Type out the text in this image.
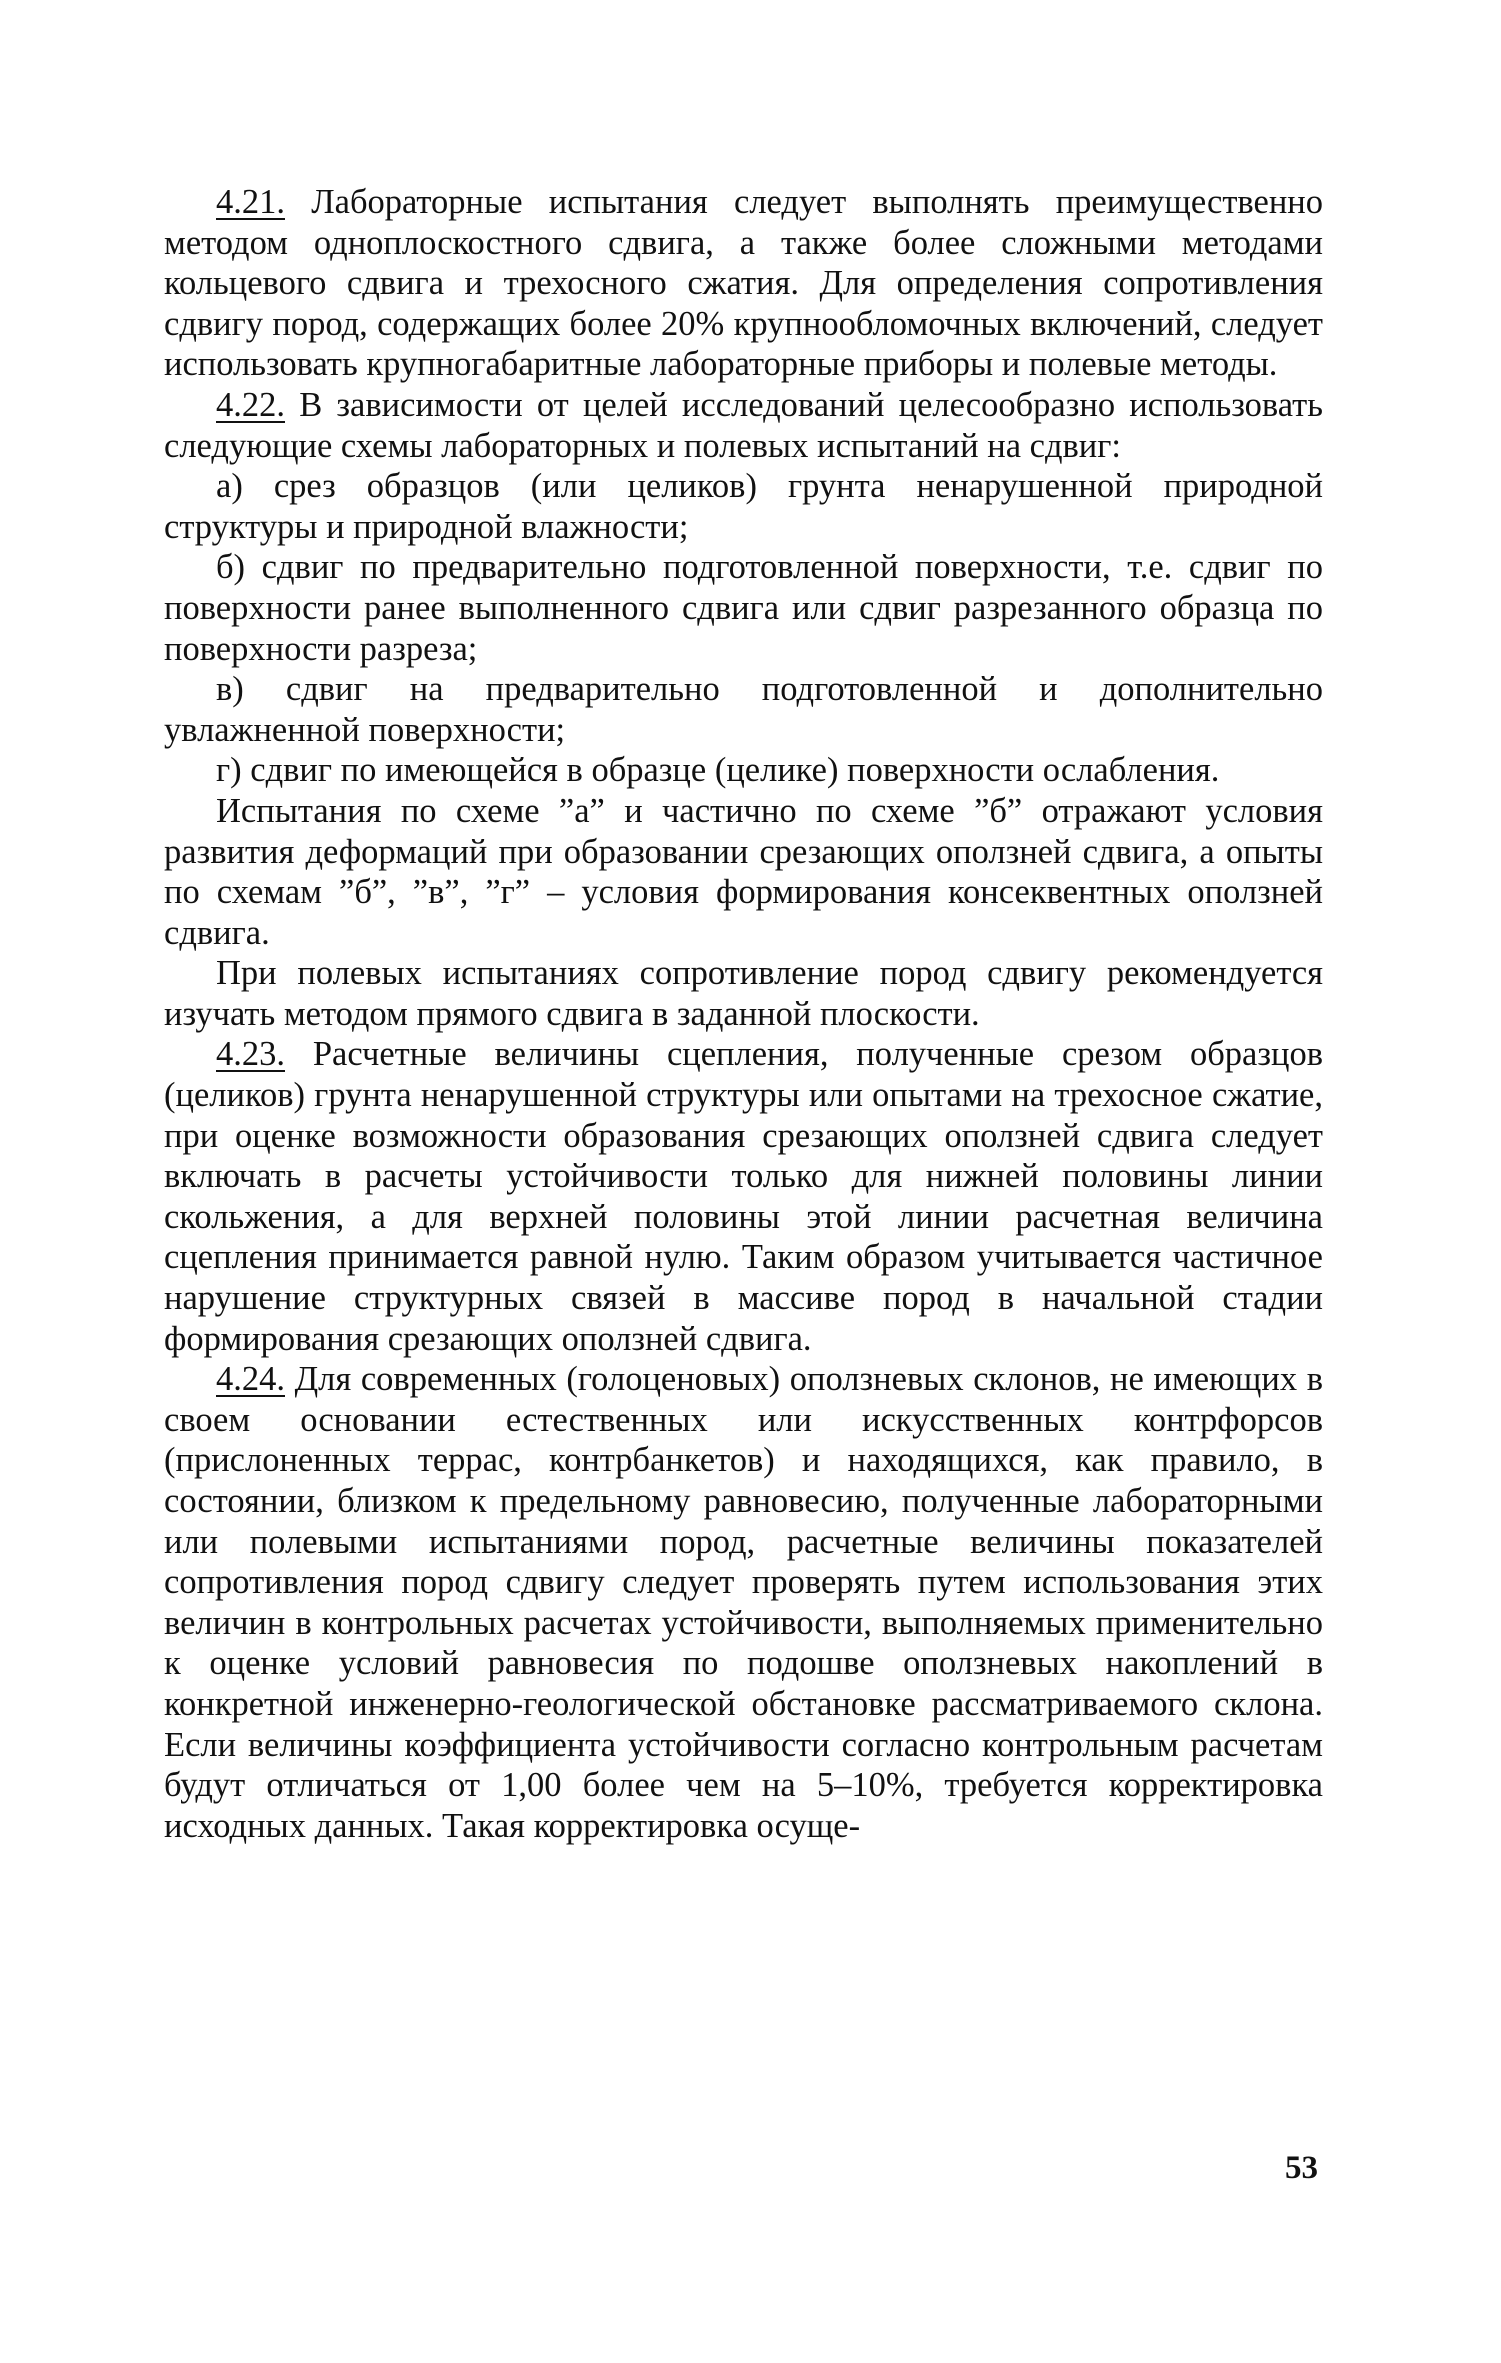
4.21. Лабораторные испытания следует выполнять преимущественно методом одноплоскостного сдвига, а также более сложными методами кольцевого сдвига и трехосного сжатия. Для определения сопротивления сдвигу пород, содержащих более 20% крупнообломочных включений, следует использовать крупногабаритные лабораторные приборы и полевые методы.

4.22. В зависимости от целей исследований целесообразно использовать следующие схемы лабораторных и полевых испытаний на сдвиг:

а) срез образцов (или целиков) грунта ненарушенной природной структуры и природной влажности;

б) сдвиг по предварительно подготовленной поверхности, т.е. сдвиг по поверхности ранее выполненного сдвига или сдвиг разрезанного образца по поверхности разреза;

в) сдвиг на предварительно подготовленной и дополнительно увлажненной поверхности;

г) сдвиг по имеющейся в образце (целике) поверхности ослабления.

Испытания по схеме ”а” и частично по схеме ”б” отражают условия развития деформаций при образовании срезающих оползней сдвига, а опыты по схемам ”б”, ”в”, ”г” – условия формирования консеквентных оползней сдвига.

При полевых испытаниях сопротивление пород сдвигу рекомендуется изучать методом прямого сдвига в заданной плоскости.

4.23. Расчетные величины сцепления, полученные срезом образцов (целиков) грунта ненарушенной структуры или опытами на трехосное сжатие, при оценке возможности образования срезающих оползней сдвига следует включать в расчеты устойчивости только для нижней половины линии скольжения, а для верхней половины этой линии расчетная величина сцепления принимается равной нулю. Таким образом учитывается частичное нарушение структурных связей в массиве пород в начальной стадии формирования срезающих оползней сдвига.

4.24. Для современных (голоценовых) оползневых склонов, не имеющих в своем основании естественных или искусственных контрфорсов (прислоненных террас, контрбанкетов) и находящихся, как правило, в состоянии, близком к предельному равновесию, полученные лабораторными или полевыми испытаниями пород, расчетные величины показателей сопротивления пород сдвигу следует проверять путем использования этих величин в контрольных расчетах устойчивости, выполняемых применительно к оценке условий равновесия по подошве оползневых накоплений в конкретной инженерно-геологической обстановке рассматриваемого склона. Если величины коэффициента устойчивости согласно контрольным расчетам будут отличаться от 1,00 более чем на 5–10%, требуется корректировка исходных данных. Такая корректировка осуще-

53
